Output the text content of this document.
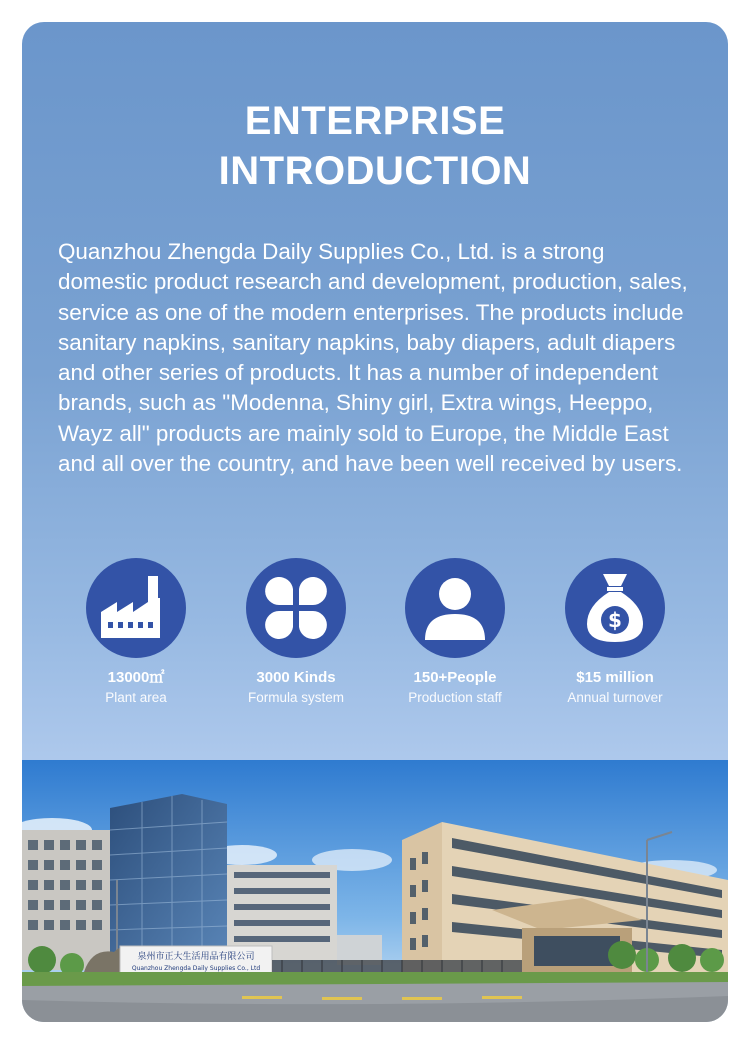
ENTERPRISE
INTRODUCTION
Quanzhou Zhengda Daily Supplies Co., Ltd. is a strong domestic product research and development, production, sales, service as one of the modern enterprises. The products include sanitary napkins, sanitary napkins, baby diapers, adult diapers and other series of products. It has a number of independent brands, such as "Modenna, Shiny girl, Extra wings, Heeppo, Wayz all" products are mainly sold to Europe, the Middle East and all over the country, and have been well received by users.
13000㎡
Plant area
3000 Kinds
Formula system
150+People
Production staff
$
$15 million
Annual turnover
泉州市正大生活用品有限公司
Quanzhou Zhengda Daily Supplies Co., Ltd
